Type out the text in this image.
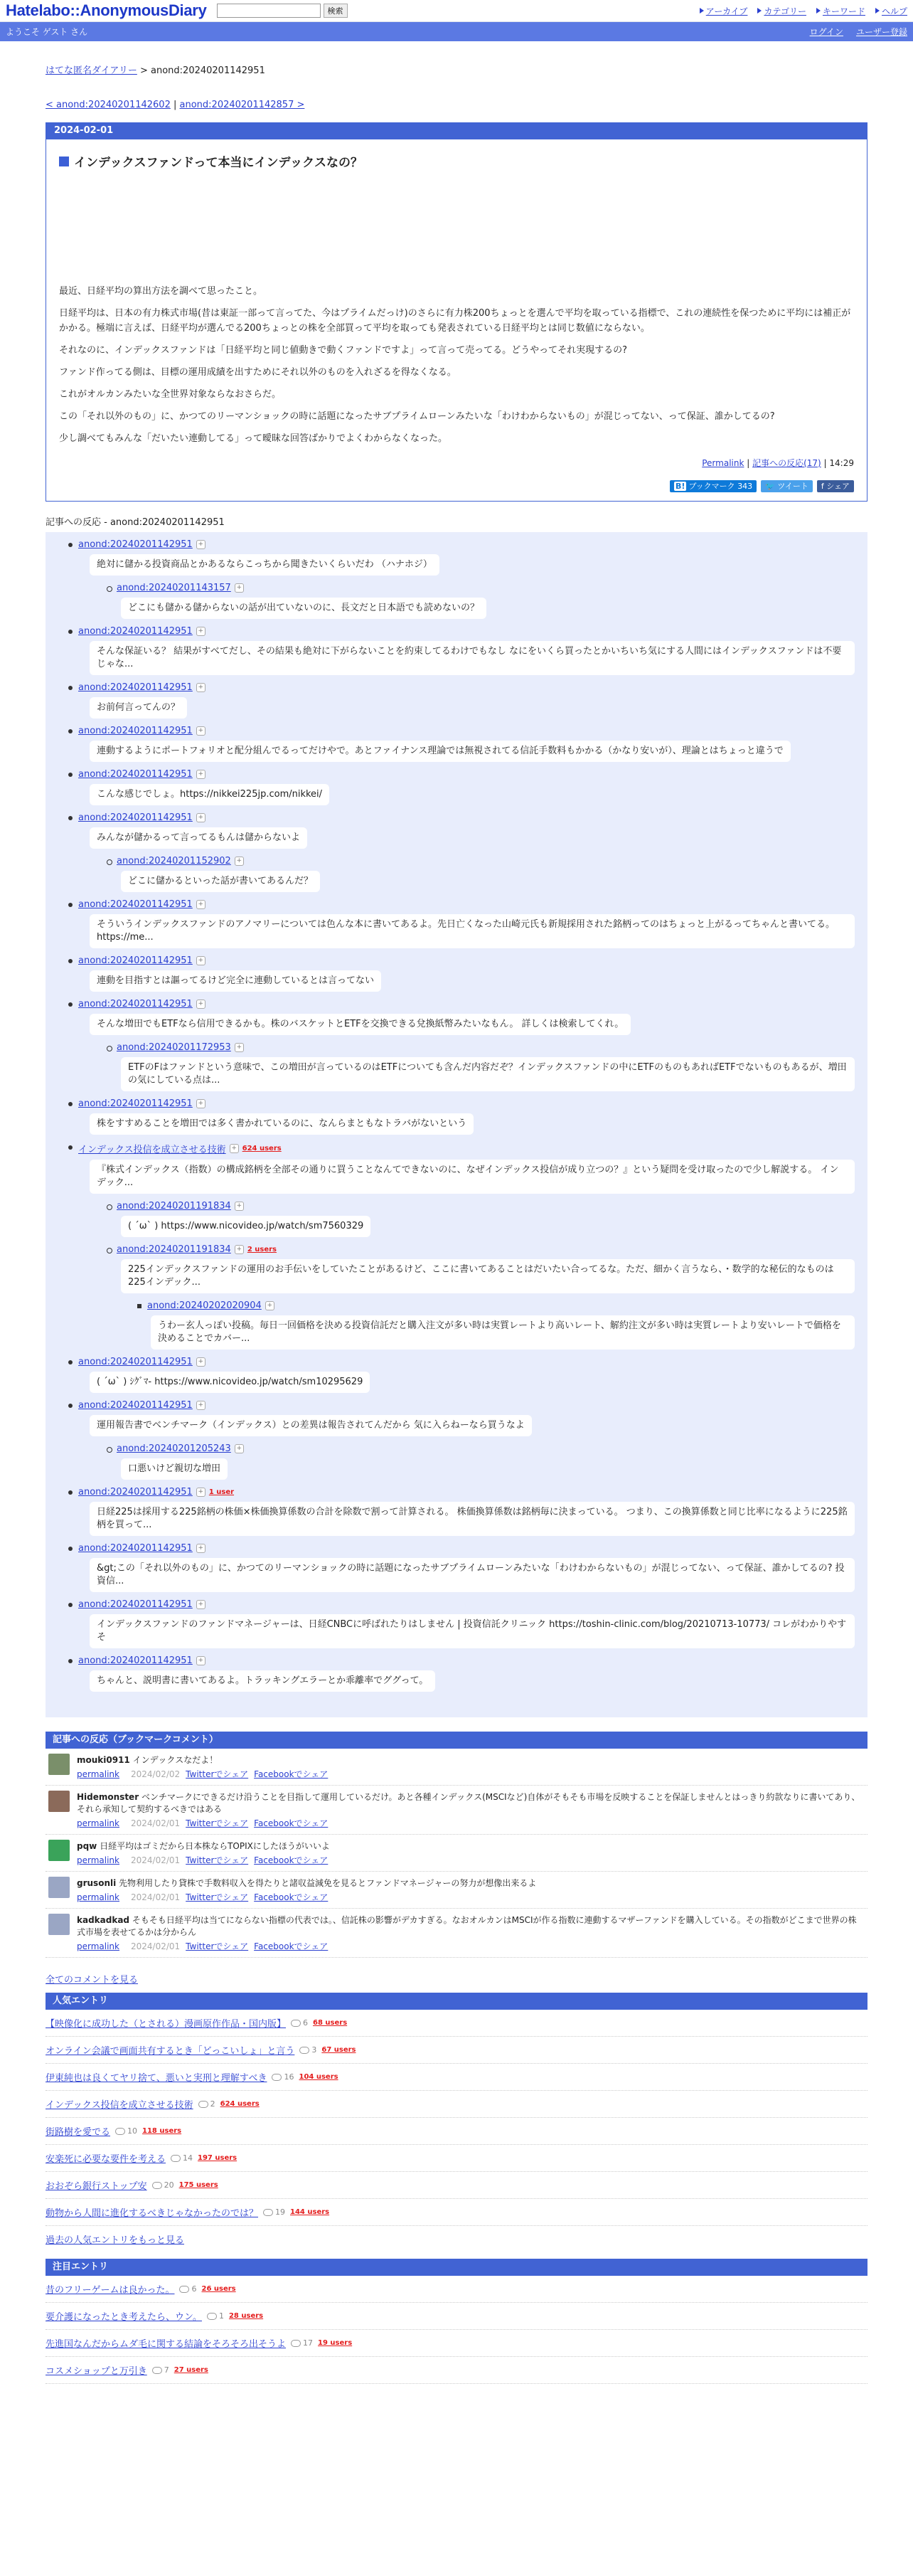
Hatelabo::AnonymousDiary	検索	アーカイブ カテゴリー キーワード ヘルプ
ようこそ ゲスト さん	ログイン ユーザー登録
はてな匿名ダイアリー > anond:20240201142951
< anond:20240201142602 | anond:20240201142857 >
2024-02-01
インデックスファンドって本当にインデックスなの？

最近、日経平均の算出方法を調べて思ったこと。

日経平均は、日本の有力株式市場(昔は東証一部って言ってた、今はプライムだっけ)のさらに有力株200ちょっとを選んで平均を取っている指標で、これの連続性を保つために平均には補正がかかる。極端に言えば、日経平均が選んでる200ちょっとの株を全部買って平均を取っても発表されている日経平均とは同じ数値にならない。

それなのに、インデックスファンドは「日経平均と同じ値動きで動くファンドですよ」って言って売ってる。どうやってそれ実現するの?

ファンド作ってる側は、目標の運用成績を出すためにそれ以外のものを入れざるを得なくなる。

これがオルカンみたいな全世界対象ならなおさらだ。

この「それ以外のもの」に、かつてのリーマンショックの時に話題になったサブプライムローンみたいな「わけわからないもの」が混じってない、って保証、誰かしてるの?

少し調べてもみんな「だいたい連動してる」って曖昧な回答ばかりでよくわからなくなった。

Permalink | 記事への反応(17) | 14:29
B! ブックマーク 343	🐦 ツイート	f シェア
記事への反応 - anond:20240201142951
anond:20240201142951 +
絶対に儲かる投資商品とかあるならこっちから聞きたいくらいだわ （ハナホジ）
anond:20240201143157 +
どこにも儲かる儲からないの話が出ていないのに、長文だと日本語でも読めないの？
anond:20240201142951 +
そんな保証いる？ 結果がすべてだし、その結果も絶対に下がらないことを約束してるわけでもなし なにをいくら買ったとかいちいち気にする人間にはインデックスファンドは不要じゃな...
anond:20240201142951 +
お前何言ってんの？
anond:20240201142951 +
連動するようにポートフォリオと配分組んでるってだけやで。あとファイナンス理論では無視されてる信託手数料もかかる（かなり安いが）、理論とはちょっと違うで
anond:20240201142951 +
こんな感じでしょ。https://nikkei225jp.com/nikkei/
anond:20240201142951 +
みんなが儲かるって言ってるもんは儲からないよ
anond:20240201152902 +
どこに儲かるといった話が書いてあるんだ？
anond:20240201142951 +
そういうインデックスファンドのアノマリーについては色んな本に書いてあるよ。先日亡くなった山崎元氏も新規採用された銘柄ってのはちょっと上がるってちゃんと書いてる。 https://me...
anond:20240201142951 +
連動を目指すとは謳ってるけど完全に連動しているとは言ってない
anond:20240201142951 +
そんな増田でもETFなら信用できるかも。株のバスケットとETFを交換できる兌換紙幣みたいなもん。 詳しくは検索してくれ。
anond:20240201172953 +
ETFのFはファンドという意味で、この増田が言っているのはETFについても含んだ内容だぞ？インデックスファンドの中にETFのものもあればETFでないものもあるが、増田の気にしている点は...
anond:20240201142951 +
株をすすめることを増田では多く書かれているのに、なんらまともなトラバがないという
インデックス投信を成立させる技術 + 624 users
『株式インデックス（指数）の構成銘柄を全部その通りに買うことなんてできないのに、なぜインデックス投信が成り立つの？』という疑問を受け取ったので少し解説する。 インデック...
anond:20240201191834 +
( ´ω` ) https://www.nicovideo.jp/watch/sm7560329
anond:20240201191834 + 2 users
225インデックスファンドの運用のお手伝いをしていたことがあるけど、ここに書いてあることはだいたい合ってるな。ただ、細かく言うなら、・数学的な秘伝的なものは225インデック...
anond:20240202020904 +
うわー玄人っぽい投稿。毎日一回価格を決める投資信託だと購入注文が多い時は実質レートより高いレート、解約注文が多い時は実質レートより安いレートで価格を決めることでカバー...
anond:20240201142951 +
( ´ω` ) ｼｸﾞﾏ- https://www.nicovideo.jp/watch/sm10295629
anond:20240201142951 +
運用報告書でベンチマーク（インデックス）との差異は報告されてんだから 気に入らねーなら買うなよ
anond:20240201205243 +
口悪いけど親切な増田
anond:20240201142951 + 1 user
日経225は採用する225銘柄の株価×株価換算係数の合計を除数で割って計算される。 株価換算係数は銘柄毎に決まっている。 つまり、この換算係数と同じ比率になるように225銘柄を買って...
anond:20240201142951 +
&gt;この「それ以外のもの」に、かつてのリーマンショックの時に話題になったサブプライムローンみたいな「わけわからないもの」が混じってない、って保証、誰かしてるの? 投資信...
anond:20240201142951 +
インデックスファンドのファンドマネージャーは、日経CNBCに呼ばれたりはしません | 投資信託クリニック https://toshin-clinic.com/blog/20210713-10773/ コレがわかりやすそ
anond:20240201142951 +
ちゃんと、説明書に書いてあるよ。トラッキングエラーとか乖離率でググって。
記事への反応（ブックマークコメント）
mouki0911 インデックスなだよ！
permalink 2024/02/02 Twitterでシェア Facebookでシェア
Hidemonster ベンチマークにできるだけ沿うことを目指して運用しているだけ。あと各種インデックス(MSCIなど)自体がそもそも市場を反映することを保証しませんとはっきり約款なりに書いてあり、それら承知して契約するべきではある
permalink 2024/02/01 Twitterでシェア Facebookでシェア
pqw 日経平均はゴミだから日本株ならTOPIXにしたほうがいいよ
permalink 2024/02/01 Twitterでシェア Facebookでシェア
grusonli 先物利用したり貸株で手数料収入を得たりと諸収益減免を見るとファンドマネージャーの努力が想像出来るよ
permalink 2024/02/01 Twitterでシェア Facebookでシェア
kadkadkad そもそも日経平均は当てにならない指標の代表では。、信託株の影響がデカすぎる。なおオルカンはMSCIが作る指数に連動するマザーファンドを購入している。その指数がどこまで世界の株式市場を表せてるかは分からん
permalink 2024/02/01 Twitterでシェア Facebookでシェア
全てのコメントを見る
人気エントリ
【映像化に成功した（とされる）漫画原作作品・国内版】 6 68 users
オンライン会議で画面共有するとき「どっこいしょ」と言う 3 67 users
伊東純也は良くてヤリ捨て、悪いと実刑と理解すべき 16 104 users
インデックス投信を成立させる技術 2 624 users
街路樹を愛でる 10 118 users
安楽死に必要な要件を考える 14 197 users
おおぞら銀行ストップ安 20 175 users
動物から人間に進化するべきじゃなかったのでは？ 19 144 users
過去の人気エントリをもっと見る
注目エントリ
昔のフリーゲームは良かった。 6 26 users
要介護になったとき考えたら、ウン。 1 28 users
先進国なんだからムダ毛に関する結論をそろそろ出そうよ 17 19 users
コスメショップと万引き 7 27 users
